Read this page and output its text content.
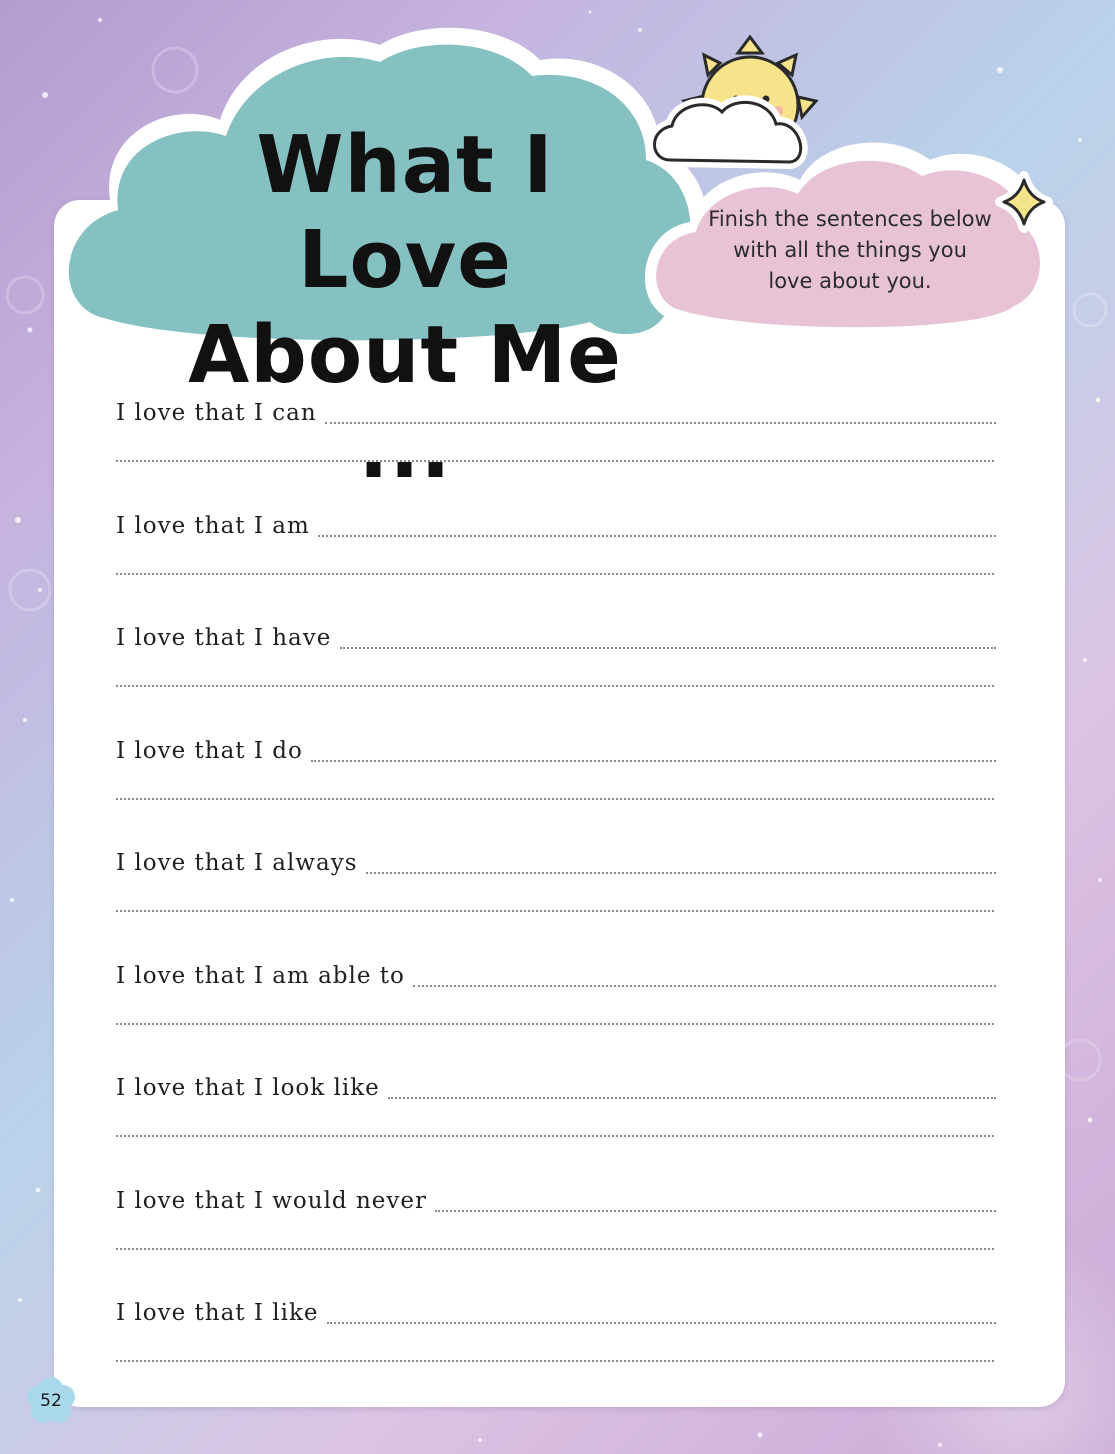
What I Love
About Me ...
Finish the sentences below
with all the things you
love about you.
I love that I can
I love that I am
I love that I have
I love that I do
I love that I always
I love that I am able to
I love that I look like
I love that I would never
I love that I like
52
